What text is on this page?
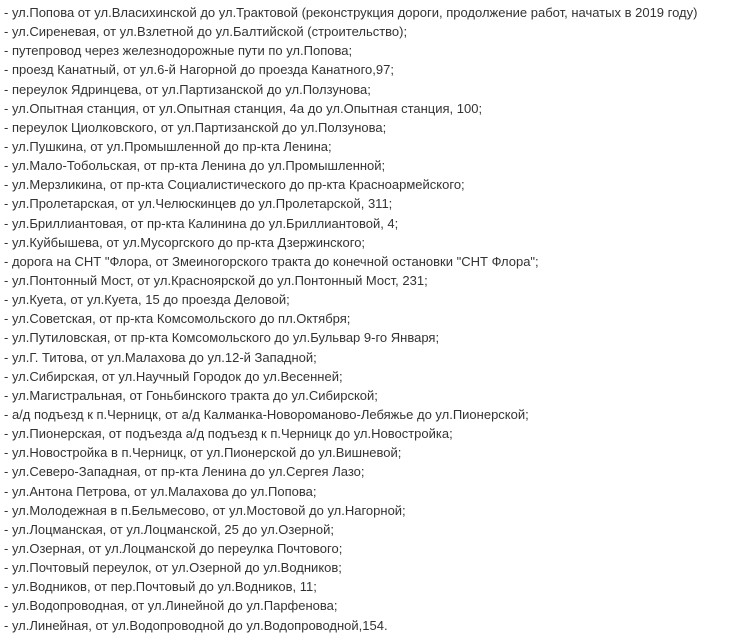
- ул.Попова от ул.Власихинской до ул.Трактовой (реконструкция дороги, продолжение работ, начатых в 2019 году)
- ул.Сиреневая, от ул.Взлетной до ул.Балтийской (строительство);
- путепровод через железнодорожные пути по ул.Попова;
- проезд Канатный, от ул.6-й Нагорной до проезда Канатного,97;
- переулок Ядринцева, от ул.Партизанской до ул.Ползунова;
- ул.Опытная станция, от ул.Опытная станция, 4а до ул.Опытная станция, 100;
- переулок Циолковского, от ул.Партизанской до ул.Ползунова;
- ул.Пушкина, от ул.Промышленной до пр-кта Ленина;
- ул.Мало-Тобольская, от пр-кта Ленина до ул.Промышленной;
- ул.Мерзликина, от пр-кта Социалистического до пр-кта Красноармейского;
- ул.Пролетарская, от ул.Челюскинцев до ул.Пролетарской, 311;
- ул.Бриллиантовая, от пр-кта Калинина до ул.Бриллиантовой, 4;
- ул.Куйбышева, от ул.Мусоргского до пр-кта Дзержинского;
- дорога на СНТ "Флора, от Змеиногорского тракта до конечной остановки "СНТ Флора";
- ул.Понтонный Мост, от ул.Красноярской до ул.Понтонный Мост, 231;
- ул.Куета, от ул.Куета, 15 до проезда Деловой;
- ул.Советская, от пр-кта Комсомольского до пл.Октября;
- ул.Путиловская, от пр-кта Комсомольского до ул.Бульвар 9-го Января;
- ул.Г. Титова, от ул.Малахова до ул.12-й Западной;
- ул.Сибирская, от ул.Научный Городок до ул.Весенней;
- ул.Магистральная, от Гоньбинского тракта до ул.Сибирской;
- а/д подъезд к п.Черницк, от а/д Калманка-Новороманово-Лебяжье до ул.Пионерской;
- ул.Пионерская, от подъезда а/д подъезд к п.Черницк до ул.Новостройка;
- ул.Новостройка в п.Черницк, от ул.Пионерской до ул.Вишневой;
- ул.Северо-Западная, от пр-кта Ленина до ул.Сергея Лазо;
- ул.Антона Петрова, от ул.Малахова до ул.Попова;
- ул.Молодежная в п.Бельмесово, от ул.Мостовой до ул.Нагорной;
- ул.Лоцманская, от ул.Лоцманской, 25 до ул.Озерной;
- ул.Озерная, от ул.Лоцманской до переулка Почтового;
- ул.Почтовый переулок, от ул.Озерной до ул.Водников;
- ул.Водников, от пер.Почтовый до ул.Водников, 11;
- ул.Водопроводная, от ул.Линейной до ул.Парфенова;
- ул.Линейная, от ул.Водопроводной до ул.Водопроводной,154.
